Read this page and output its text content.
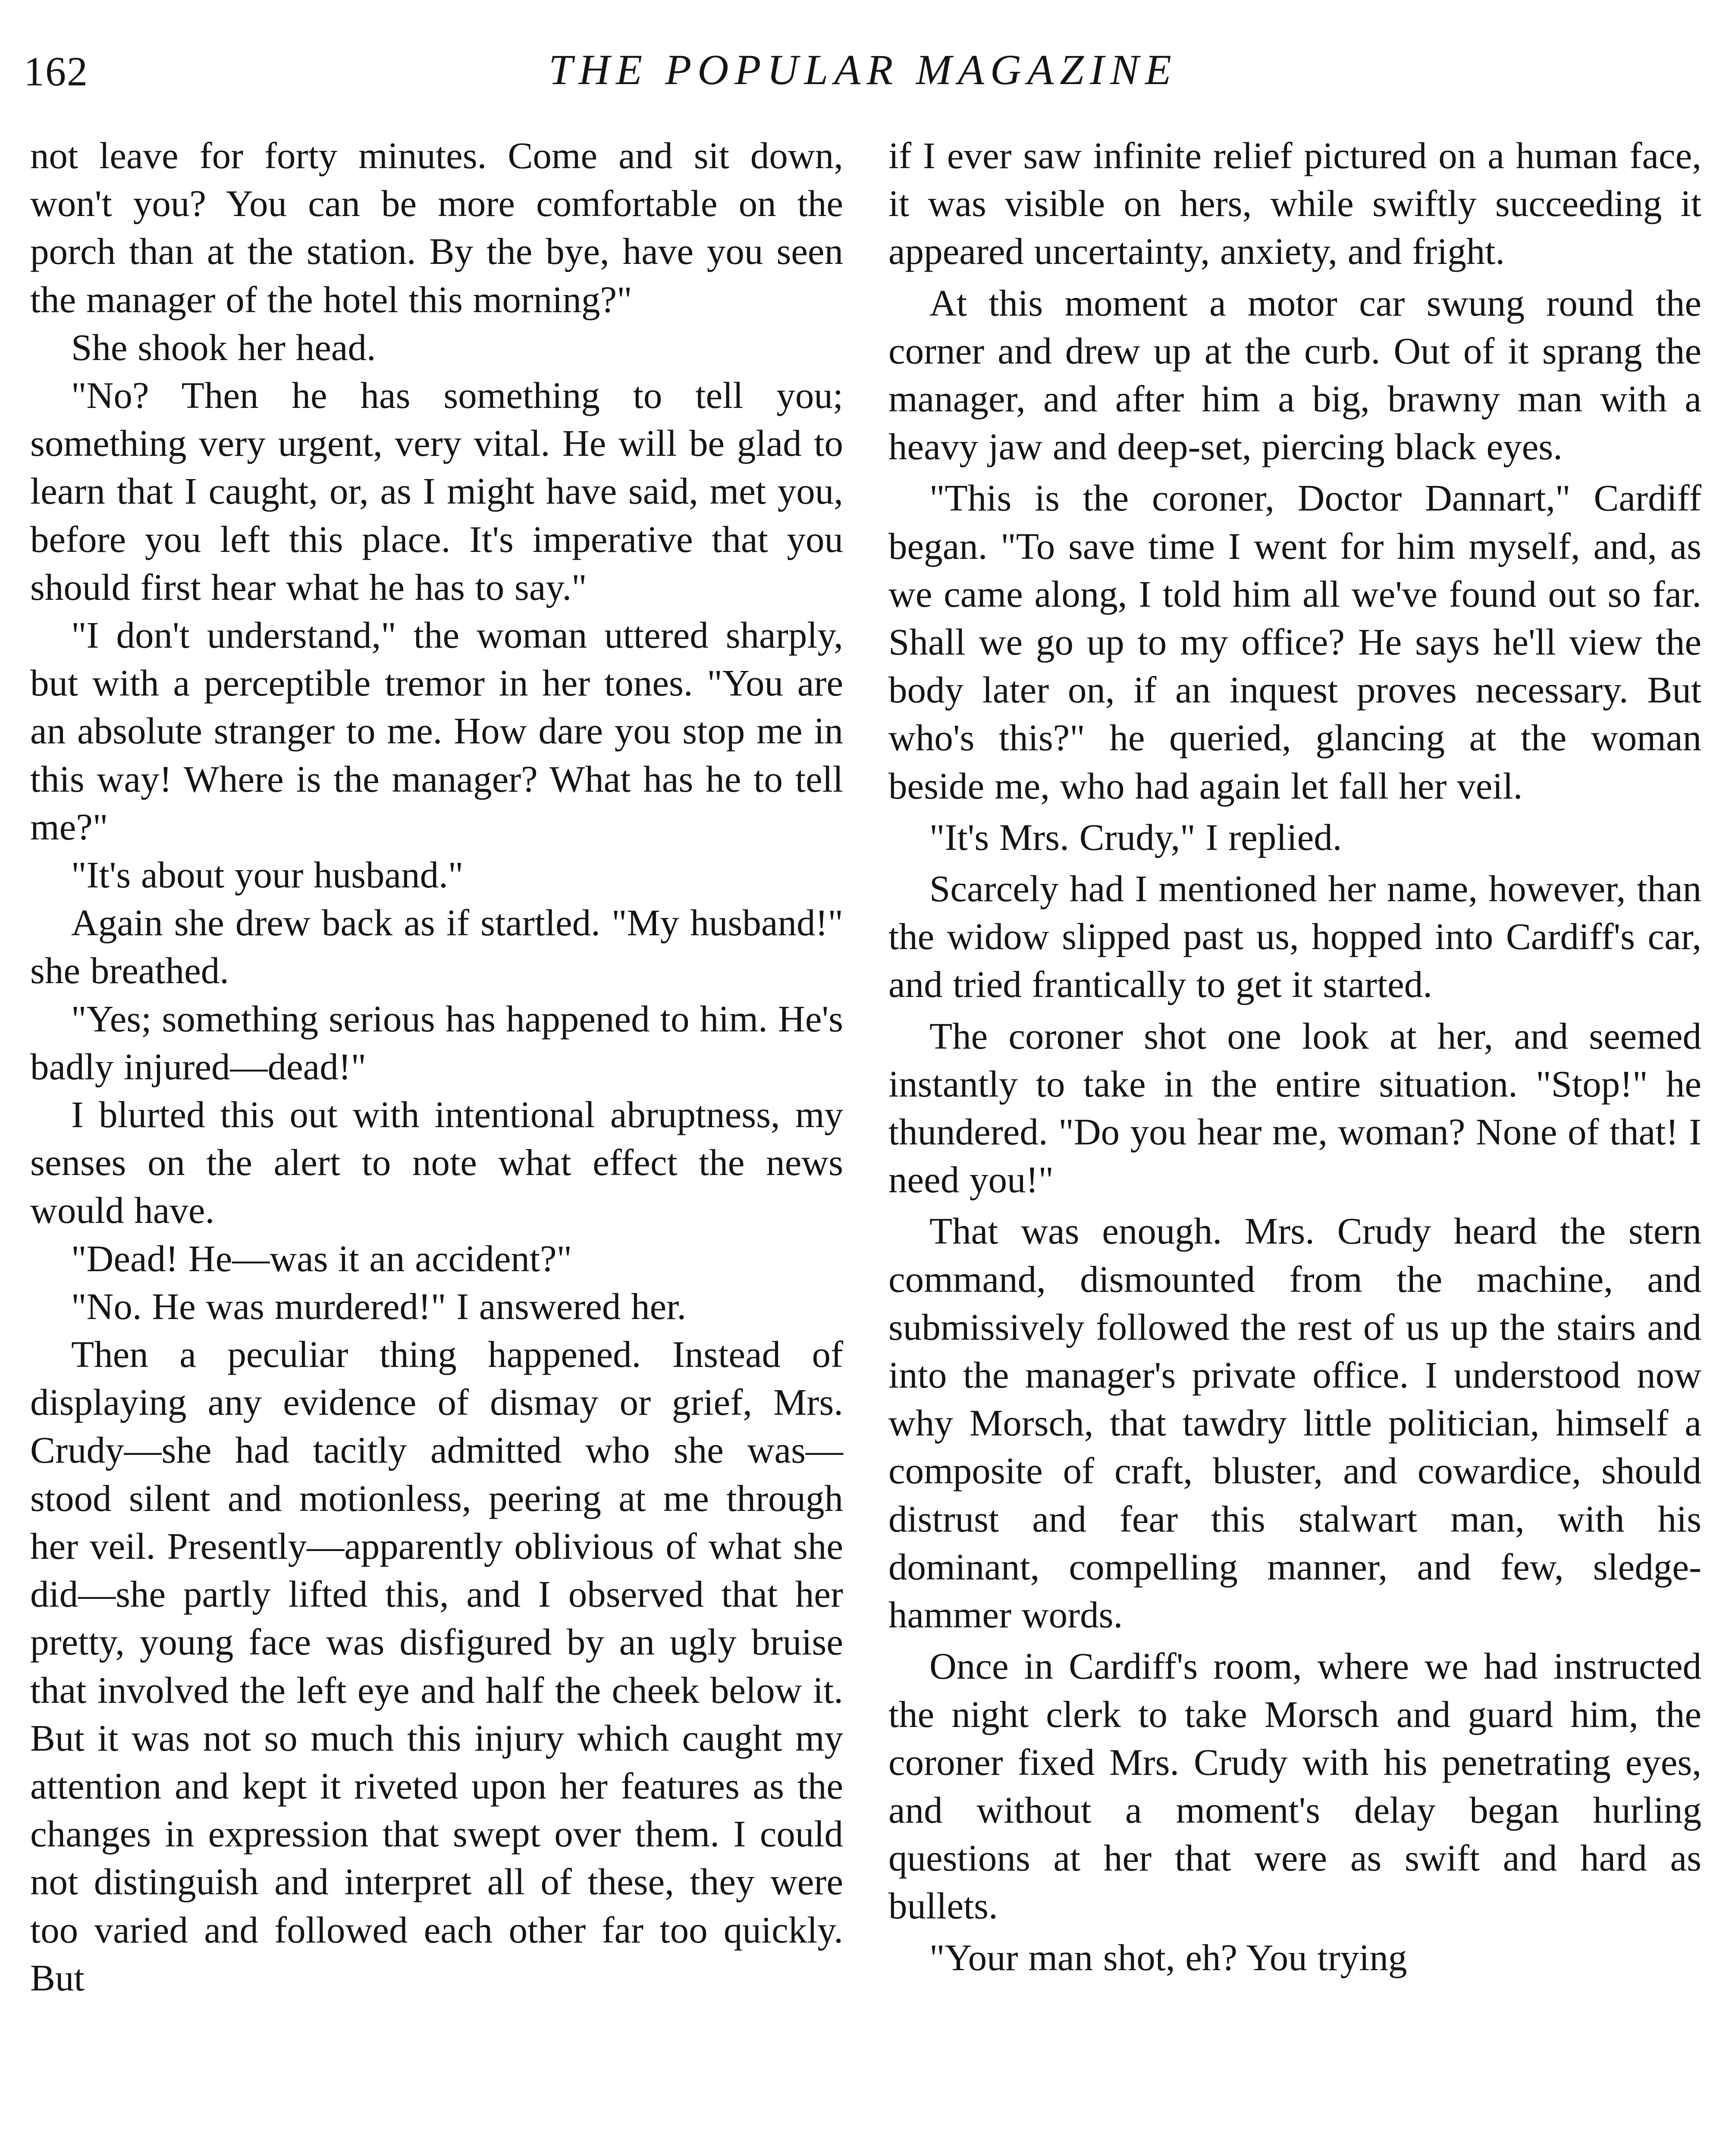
162	THE POPULAR MAGAZINE

not leave for forty minutes. Come and sit down, won't you? You can be more comfortable on the porch than at the station. By the bye, have you seen the manager of the hotel this morning?"

She shook her head.

"No? Then he has something to tell you; something very urgent, very vital. He will be glad to learn that I caught, or, as I might have said, met you, before you left this place. It's imperative that you should first hear what he has to say."

"I don't understand," the woman uttered sharply, but with a perceptible tremor in her tones. "You are an absolute stranger to me. How dare you stop me in this way! Where is the manager? What has he to tell me?"

"It's about your husband."

Again she drew back as if startled. "My husband!" she breathed.

"Yes; something serious has happened to him. He's badly injured—dead!"

I blurted this out with intentional abruptness, my senses on the alert to note what effect the news would have.

"Dead! He—was it an accident?"

"No. He was murdered!" I answered her.

Then a peculiar thing happened. Instead of displaying any evidence of dismay or grief, Mrs. Crudy—she had tacitly admitted who she was—stood silent and motionless, peering at me through her veil. Presently—apparently oblivious of what she did—she partly lifted this, and I observed that her pretty, young face was disfigured by an ugly bruise that involved the left eye and half the cheek below it. But it was not so much this injury which caught my attention and kept it riveted upon her features as the changes in expression that swept over them. I could not distinguish and interpret all of these, they were too varied and followed each other far too quickly. But

if I ever saw infinite relief pictured on a human face, it was visible on hers, while swiftly succeeding it appeared uncertainty, anxiety, and fright.

At this moment a motor car swung round the corner and drew up at the curb. Out of it sprang the manager, and after him a big, brawny man with a heavy jaw and deep-set, piercing black eyes.

"This is the coroner, Doctor Dannart," Cardiff began. "To save time I went for him myself, and, as we came along, I told him all we've found out so far. Shall we go up to my office? He says he'll view the body later on, if an inquest proves necessary. But who's this?" he queried, glancing at the woman beside me, who had again let fall her veil.

"It's Mrs. Crudy," I replied.

Scarcely had I mentioned her name, however, than the widow slipped past us, hopped into Cardiff's car, and tried frantically to get it started.

The coroner shot one look at her, and seemed instantly to take in the entire situation. "Stop!" he thundered. "Do you hear me, woman? None of that! I need you!"

That was enough. Mrs. Crudy heard the stern command, dismounted from the machine, and submissively followed the rest of us up the stairs and into the manager's private office. I understood now why Morsch, that tawdry little politician, himself a composite of craft, bluster, and cowardice, should distrust and fear this stalwart man, with his dominant, compelling manner, and few, sledge-hammer words.

Once in Cardiff's room, where we had instructed the night clerk to take Morsch and guard him, the coroner fixed Mrs. Crudy with his penetrating eyes, and without a moment's delay began hurling questions at her that were as swift and hard as bullets.

"Your man shot, eh? You trying
